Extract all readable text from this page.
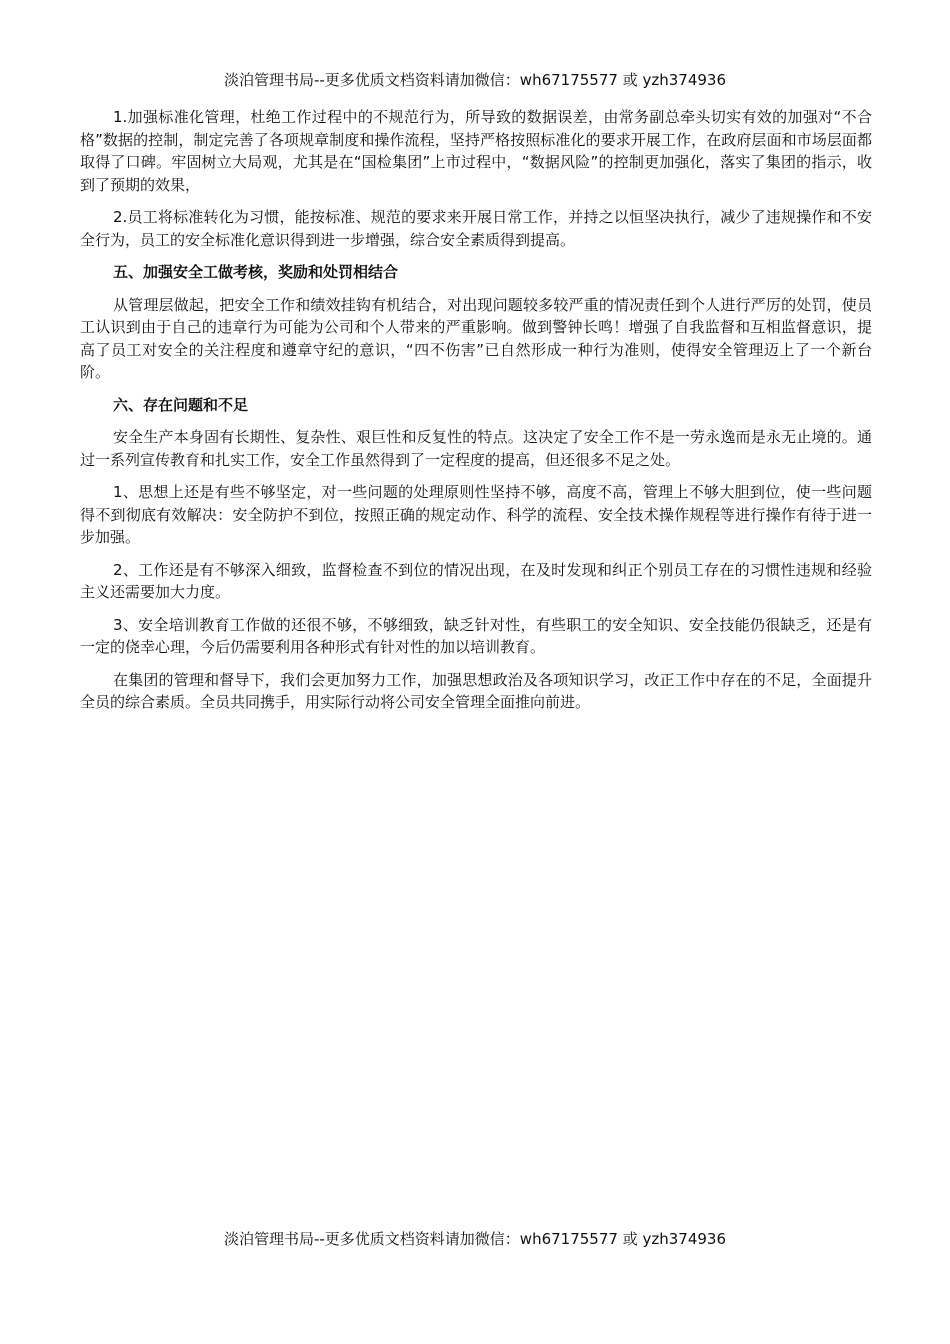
淡泊管理书局--更多优质文档资料请加微信：wh67175577 或 yzh374936

1.加强标准化管理，杜绝工作过程中的不规范行为，所导致的数据误差，由常务副总牵头切实有效的加强对“不合格”数据的控制，制定完善了各项规章制度和操作流程，坚持严格按照标准化的要求开展工作，在政府层面和市场层面都取得了口碑。牢固树立大局观，尤其是在“国检集团”上市过程中，“数据风险”的控制更加强化，落实了集团的指示，收到了预期的效果，

2.员工将标准转化为习惯，能按标准、规范的要求来开展日常工作，并持之以恒坚决执行，减少了违规操作和不安全行为，员工的安全标准化意识得到进一步增强，综合安全素质得到提高。

五、加强安全工做考核，奖励和处罚相结合

从管理层做起，把安全工作和绩效挂钩有机结合，对出现问题较多较严重的情况责任到个人进行严厉的处罚，使员工认识到由于自己的违章行为可能为公司和个人带来的严重影响。做到警钟长鸣！增强了自我监督和互相监督意识，提高了员工对安全的关注程度和遵章守纪的意识，“四不伤害”已自然形成一种行为准则，使得安全管理迈上了一个新台阶。

六、存在问题和不足

安全生产本身固有长期性、复杂性、艰巨性和反复性的特点。这决定了安全工作不是一劳永逸而是永无止境的。通过一系列宣传教育和扎实工作，安全工作虽然得到了一定程度的提高，但还很多不足之处。

1、思想上还是有些不够坚定，对一些问题的处理原则性坚持不够，高度不高，管理上不够大胆到位，使一些问题得不到彻底有效解决：安全防护不到位，按照正确的规定动作、科学的流程、安全技术操作规程等进行操作有待于进一步加强。

2、工作还是有不够深入细致，监督检查不到位的情况出现，在及时发现和纠正个别员工存在的习惯性违规和经验主义还需要加大力度。

3、安全培训教育工作做的还很不够，不够细致，缺乏针对性，有些职工的安全知识、安全技能仍很缺乏，还是有一定的侥幸心理，今后仍需要利用各种形式有针对性的加以培训教育。

在集团的管理和督导下，我们会更加努力工作，加强思想政治及各项知识学习，改正工作中存在的不足，全面提升全员的综合素质。全员共同携手，用实际行动将公司安全管理全面推向前进。

淡泊管理书局--更多优质文档资料请加微信：wh67175577 或 yzh374936
